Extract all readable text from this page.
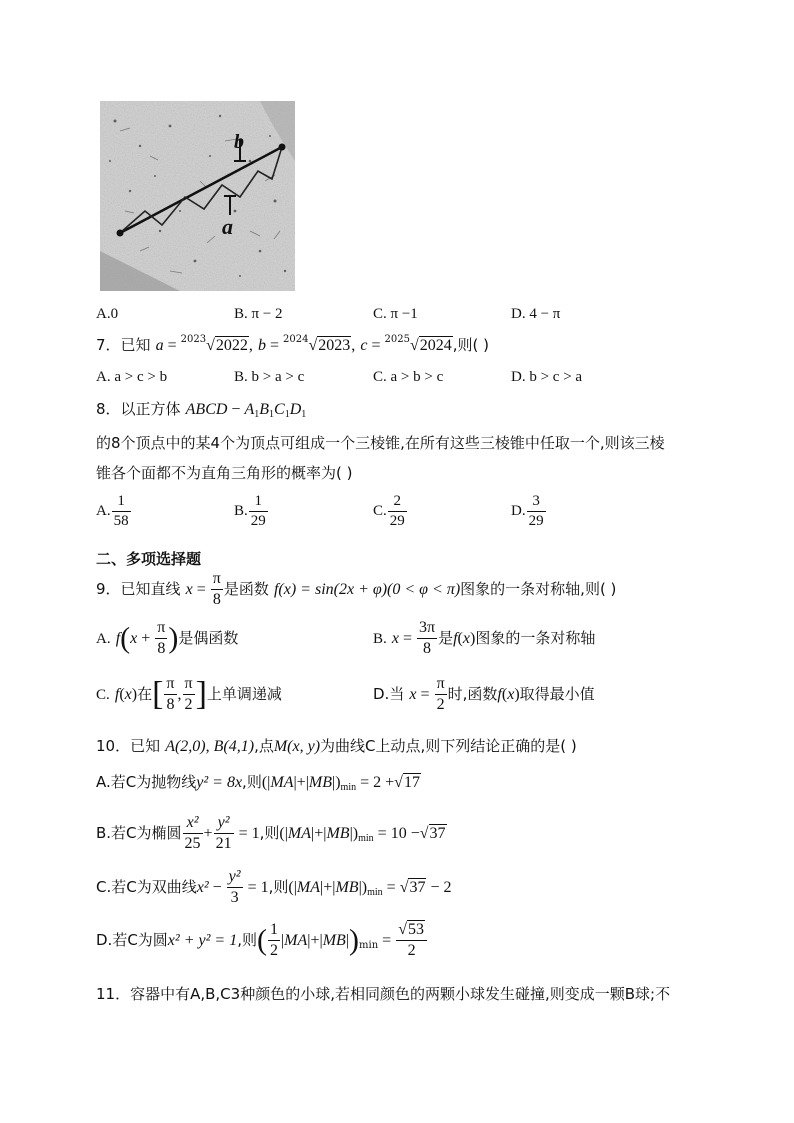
b
a
A.0	B. π − 2	C. π −1	D. 4 − π
7．已知 a = $^{2023}$√2022, b = $^{2024}$√2023, c = $^{2025}$√2024,则( )
A. a > c > b	B. b > a > c	C. a > b > c	D. b > c > a
8．以正方体 ABCD − $A_1B_1C_1D_1$
的8个顶点中的某4个为顶点可组成一个三棱锥,在所有这些三棱锥中任取一个,则该三棱
锥各个面都不为直角三角形的概率为( )
A. $\frac{1}{58}$	B. $\frac{1}{29}$	C. $\frac{2}{29}$	D. $\frac{3}{29}$
二、多项选择题
9．已知直线 $x = \frac{\pi}{8}$ 是函数 f(x) = sin(2x + φ)(0 < φ < π)图象的一条对称轴,则( )
A. $f(x + \frac{\pi}{8}$ )是偶函数	B. $x = \frac{3\pi}{8}$ 是f(x)图象的一条对称轴
C. f(x)在[ $\frac{\pi}{8}$ , $\frac{\pi}{2}$ ]上单调递减	D.当 $x = \frac{\pi}{2}$ 时,函数f(x)取得最小值
10．已知 A(2,0), B(4,1),点M(x, y)为曲线C上动点,则下列结论正确的是( )
A.若C为抛物线y² = 8x,则$(|MA|+|MB|)_{min} = 2 +√17$
B.若C为椭圆 $\frac{\text{x²}}{25} + \frac{\text{y²}}{21} = 1$,则$(|MA|+|MB|)_{min} = 10 -√37$
C.若C为双曲线$x^2 - \frac{\text{y²}}{3} = 1$,则$(|MA|+|MB|)_{min} = √37 - 2$
D.若C为圆x² + y² = 1,则( $\frac{1}{2} |MA|+|MB|)_{min} = \frac{√53}{2}$
11．容器中有A,B,C3种颜色的小球,若相同颜色的两颗小球发生碰撞,则变成一颗B球;不
